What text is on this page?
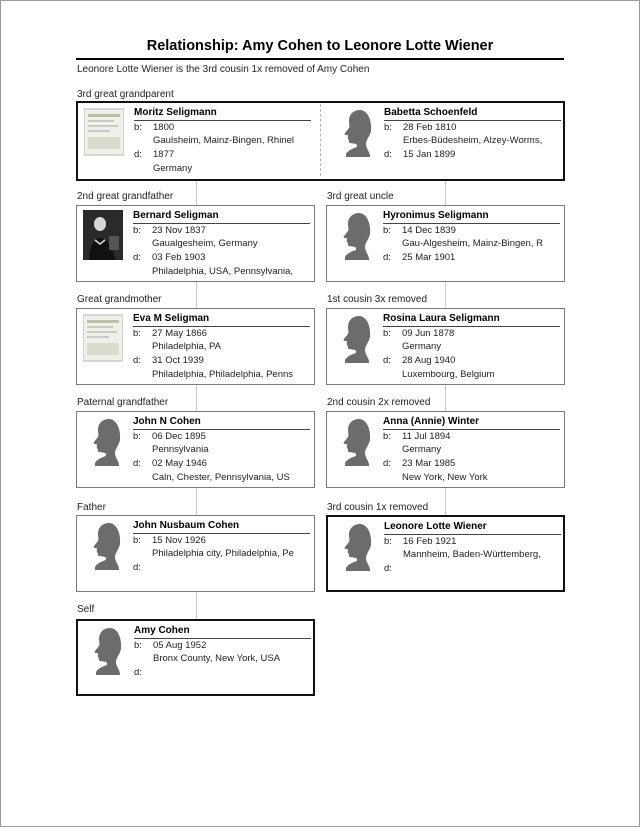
Relationship: Amy Cohen to Leonore Lotte Wiener
Leonore Lotte Wiener is the 3rd cousin 1x removed of Amy Cohen
3rd great grandparent
Moritz Seligmann
b: 1800
Gaulsheim, Mainz-Bingen, Rhinel
d: 1877
Germany
Babetta Schoenfeld
b: 28 Feb 1810
Erbes-Büdesheim, Alzey-Worms,
d: 15 Jan 1899
2nd great grandfather
Bernard Seligman
b: 23 Nov 1837
Gaualgesheim, Germany
d: 03 Feb 1903
Philadelphia, USA, Pennsylvania,
Great grandmother
Eva M Seligman
b: 27 May 1866
Philadelphia, PA
d: 31 Oct 1939
Philadelphia, Philadelphia, Penns
Paternal grandfather
John N Cohen
b: 06 Dec 1895
Pennsylvania
d: 02 May 1946
Caln, Chester, Pennsylvania, US
Father
John Nusbaum Cohen
b: 15 Nov 1926
Philadelphia city, Philadelphia, Pe
d:
Self
Amy Cohen
b: 05 Aug 1952
Bronx County, New York, USA
d:
3rd great uncle
Hyronimus Seligmann
b: 14 Dec 1839
Gau-Algesheim, Mainz-Bingen, R
d: 25 Mar 1901
1st cousin 3x removed
Rosina Laura Seligmann
b: 09 Jun 1878
Germany
d: 28 Aug 1940
Luxembourg, Belgium
2nd cousin 2x removed
Anna (Annie) Winter
b: 11 Jul 1894
Germany
d: 23 Mar 1985
New York, New York
3rd cousin 1x removed
Leonore Lotte Wiener
b: 16 Feb 1921
Mannheim, Baden-Württemberg,
d:
